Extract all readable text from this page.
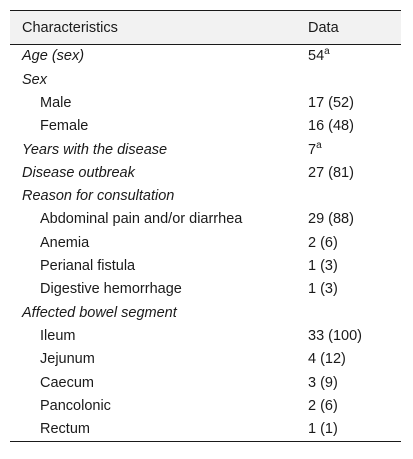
Characteristics	Data
Age (sex)	54$^a$
Sex	
Male	17 (52)
Female	16 (48)
Years with the disease	7$^a$
Disease outbreak	27 (81)
Reason for consultation	
Abdominal pain and/or diarrhea	29 (88)
Anemia	2 (6)
Perianal fistula	1 (3)
Digestive hemorrhage	1 (3)
Affected bowel segment	
Ileum	33 (100)
Jejunum	4 (12)
Caecum	3 (9)
Pancolonic	2 (6)
Rectum	1 (1)
